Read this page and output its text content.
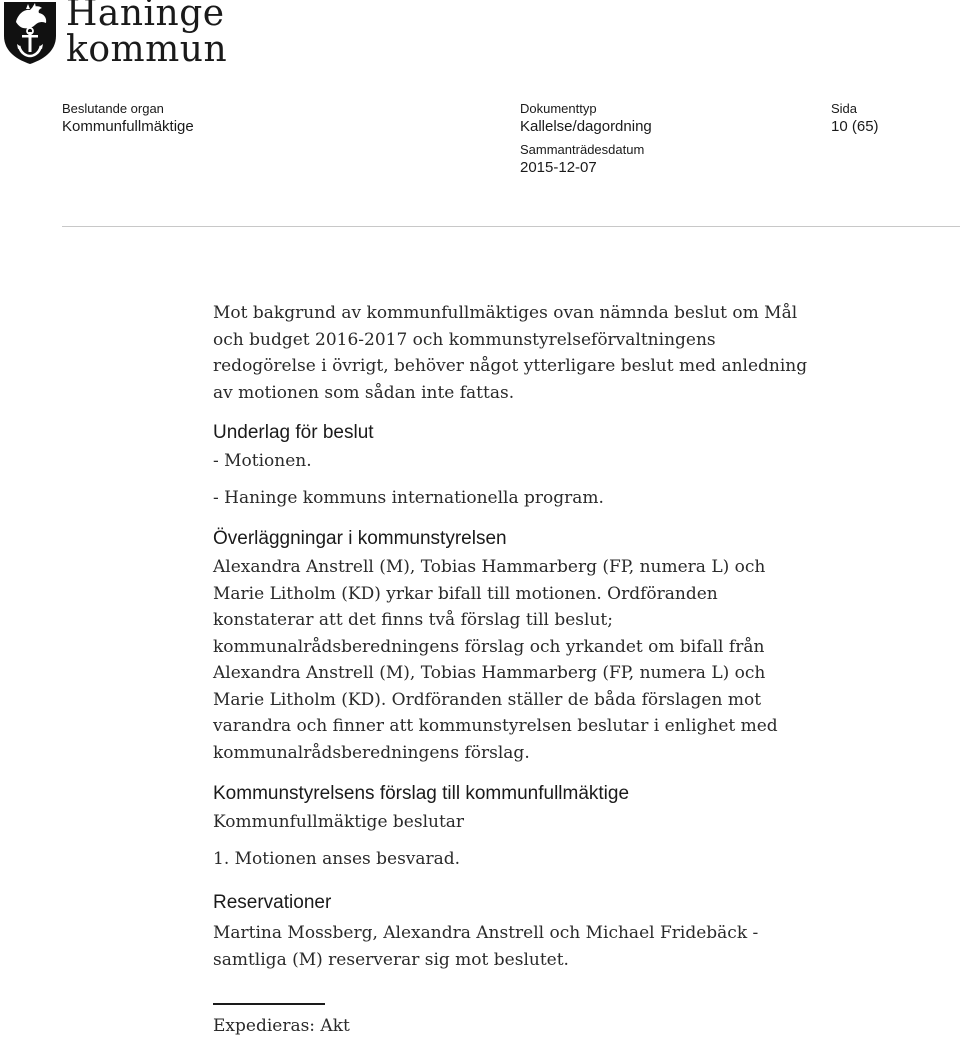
Haninge
kommun
Beslutande organ
Kommunfullmäktige
Dokumenttyp
Kallelse/dagordning
Sida
10 (65)
Sammanträdesdatum
2015-12-07

Mot bakgrund av kommunfullmäktiges ovan nämnda beslut om Mål
och budget 2016-2017 och kommunstyrelseförvaltningens
redogörelse i övrigt, behöver något ytterligare beslut med anledning
av motionen som sådan inte fattas.

Underlag för beslut

- Motionen.

- Haninge kommuns internationella program.

Överläggningar i kommunstyrelsen

Alexandra Anstrell (M), Tobias Hammarberg (FP, numera L) och
Marie Litholm (KD) yrkar bifall till motionen. Ordföranden
konstaterar att det finns två förslag till beslut;
kommunalrådsberedningens förslag och yrkandet om bifall från
Alexandra Anstrell (M), Tobias Hammarberg (FP, numera L) och
Marie Litholm (KD). Ordföranden ställer de båda förslagen mot
varandra och finner att kommunstyrelsen beslutar i enlighet med
kommunalrådsberedningens förslag.

Kommunstyrelsens förslag till kommunfullmäktige

Kommunfullmäktige beslutar

1. Motionen anses besvarad.

Reservationer

Martina Mossberg, Alexandra Anstrell och Michael Fridebäck -
samtliga (M) reserverar sig mot beslutet.

Expedieras: Akt
